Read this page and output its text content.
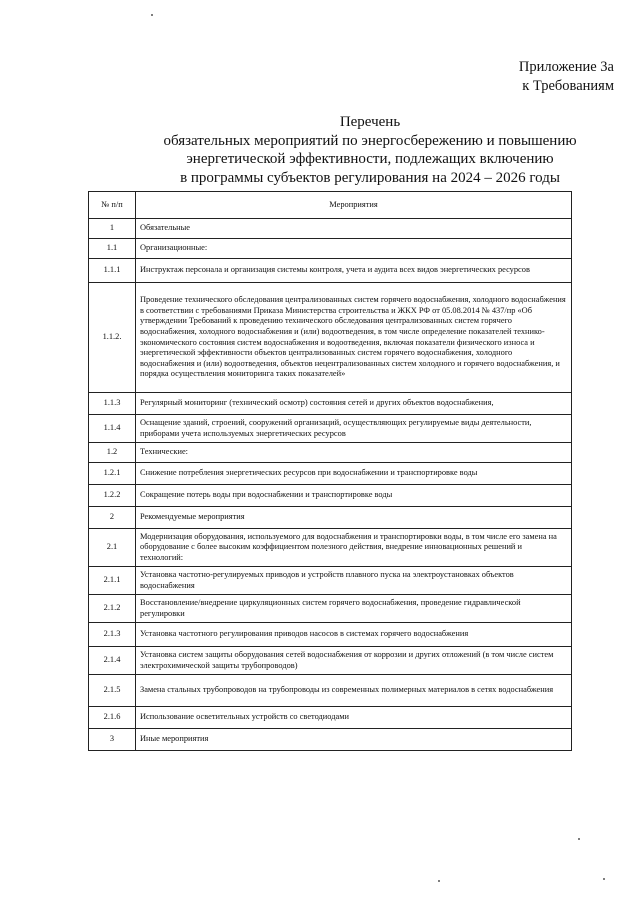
Приложение 3а
к Требованиям
Перечень
обязательных мероприятий по энергосбережению и повышению
энергетической эффективности, подлежащих включению
в программы субъектов регулирования на 2024 – 2026 годы
№ п/п	Мероприятия
1	Обязательные
1.1	Организационные:
1.1.1	Инструктаж персонала и организация системы контроля, учета и аудита всех видов энергетических ресурсов
1.1.2.	Проведение технического обследования централизованных систем горячего водоснабжения, холодного водоснабжения в соответствии с требованиями Приказа Министерства строительства и ЖКХ РФ от 05.08.2014 № 437/пр «Об утверждении Требований к проведению технического обследования централизованных систем горячего водоснабжения, холодного водоснабжения и (или) водоотведения, в том числе определение показателей технико-экономического состояния систем водоснабжения и водоотведения, включая показатели физического износа и энергетической эффективности объектов централизованных систем горячего водоснабжения, холодного водоснабжения и (или) водоотведения, объектов нецентрализованных систем холодного и горячего водоснабжения, и порядка осуществления мониторинга таких показателей»
1.1.3	Регулярный мониторинг (технический осмотр) состояния сетей и других объектов водоснабжения,
1.1.4	Оснащение зданий, строений, сооружений организаций, осуществляющих регулируемые виды деятельности, приборами учета используемых энергетических ресурсов
1.2	Технические:
1.2.1	Снижение потребления энергетических ресурсов при водоснабжении и транспортировке воды
1.2.2	Сокращение потерь воды при водоснабжении и транспортировке воды
2	Рекомендуемые мероприятия
2.1	Модернизация оборудования, используемого для водоснабжения и транспортировки воды, в том числе его замена на оборудование с более высоким коэффициентом полезного действия, внедрение инновационных решений и технологий:
2.1.1	Установка частотно-регулируемых приводов и устройств плавного пуска на электроустановках объектов водоснабжения
2.1.2	Восстановление/внедрение циркуляционных систем горячего водоснабжения, проведение гидравлической регулировки
2.1.3	Установка частотного регулирования приводов насосов в системах горячего водоснабжения
2.1.4	Установка систем защиты оборудования сетей водоснабжения от коррозии и других отложений (в том числе систем электрохимической защиты трубопроводов)
2.1.5	Замена стальных трубопроводов на трубопроводы из современных полимерных материалов в сетях водоснабжения
2.1.6	Использование осветительных устройств со светодиодами
3	Иные мероприятия
